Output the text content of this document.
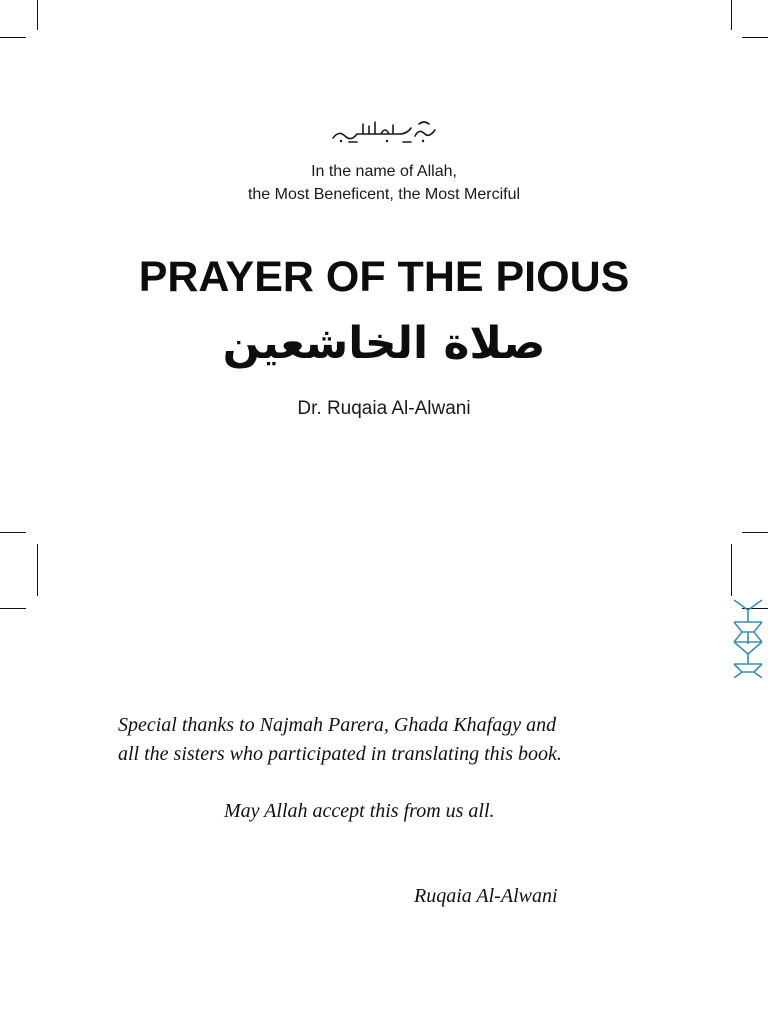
In the name of Allah,
the Most Beneficent, the Most Merciful

PRAYER OF THE PIOUS
صلاة الخاشعين
Dr. Ruqaia Al-Alwani

Special thanks to Najmah Parera, Ghada Khafagy and
all the sisters who participated in translating this book.

May Allah accept this from us all.

Ruqaia Al-Alwani
